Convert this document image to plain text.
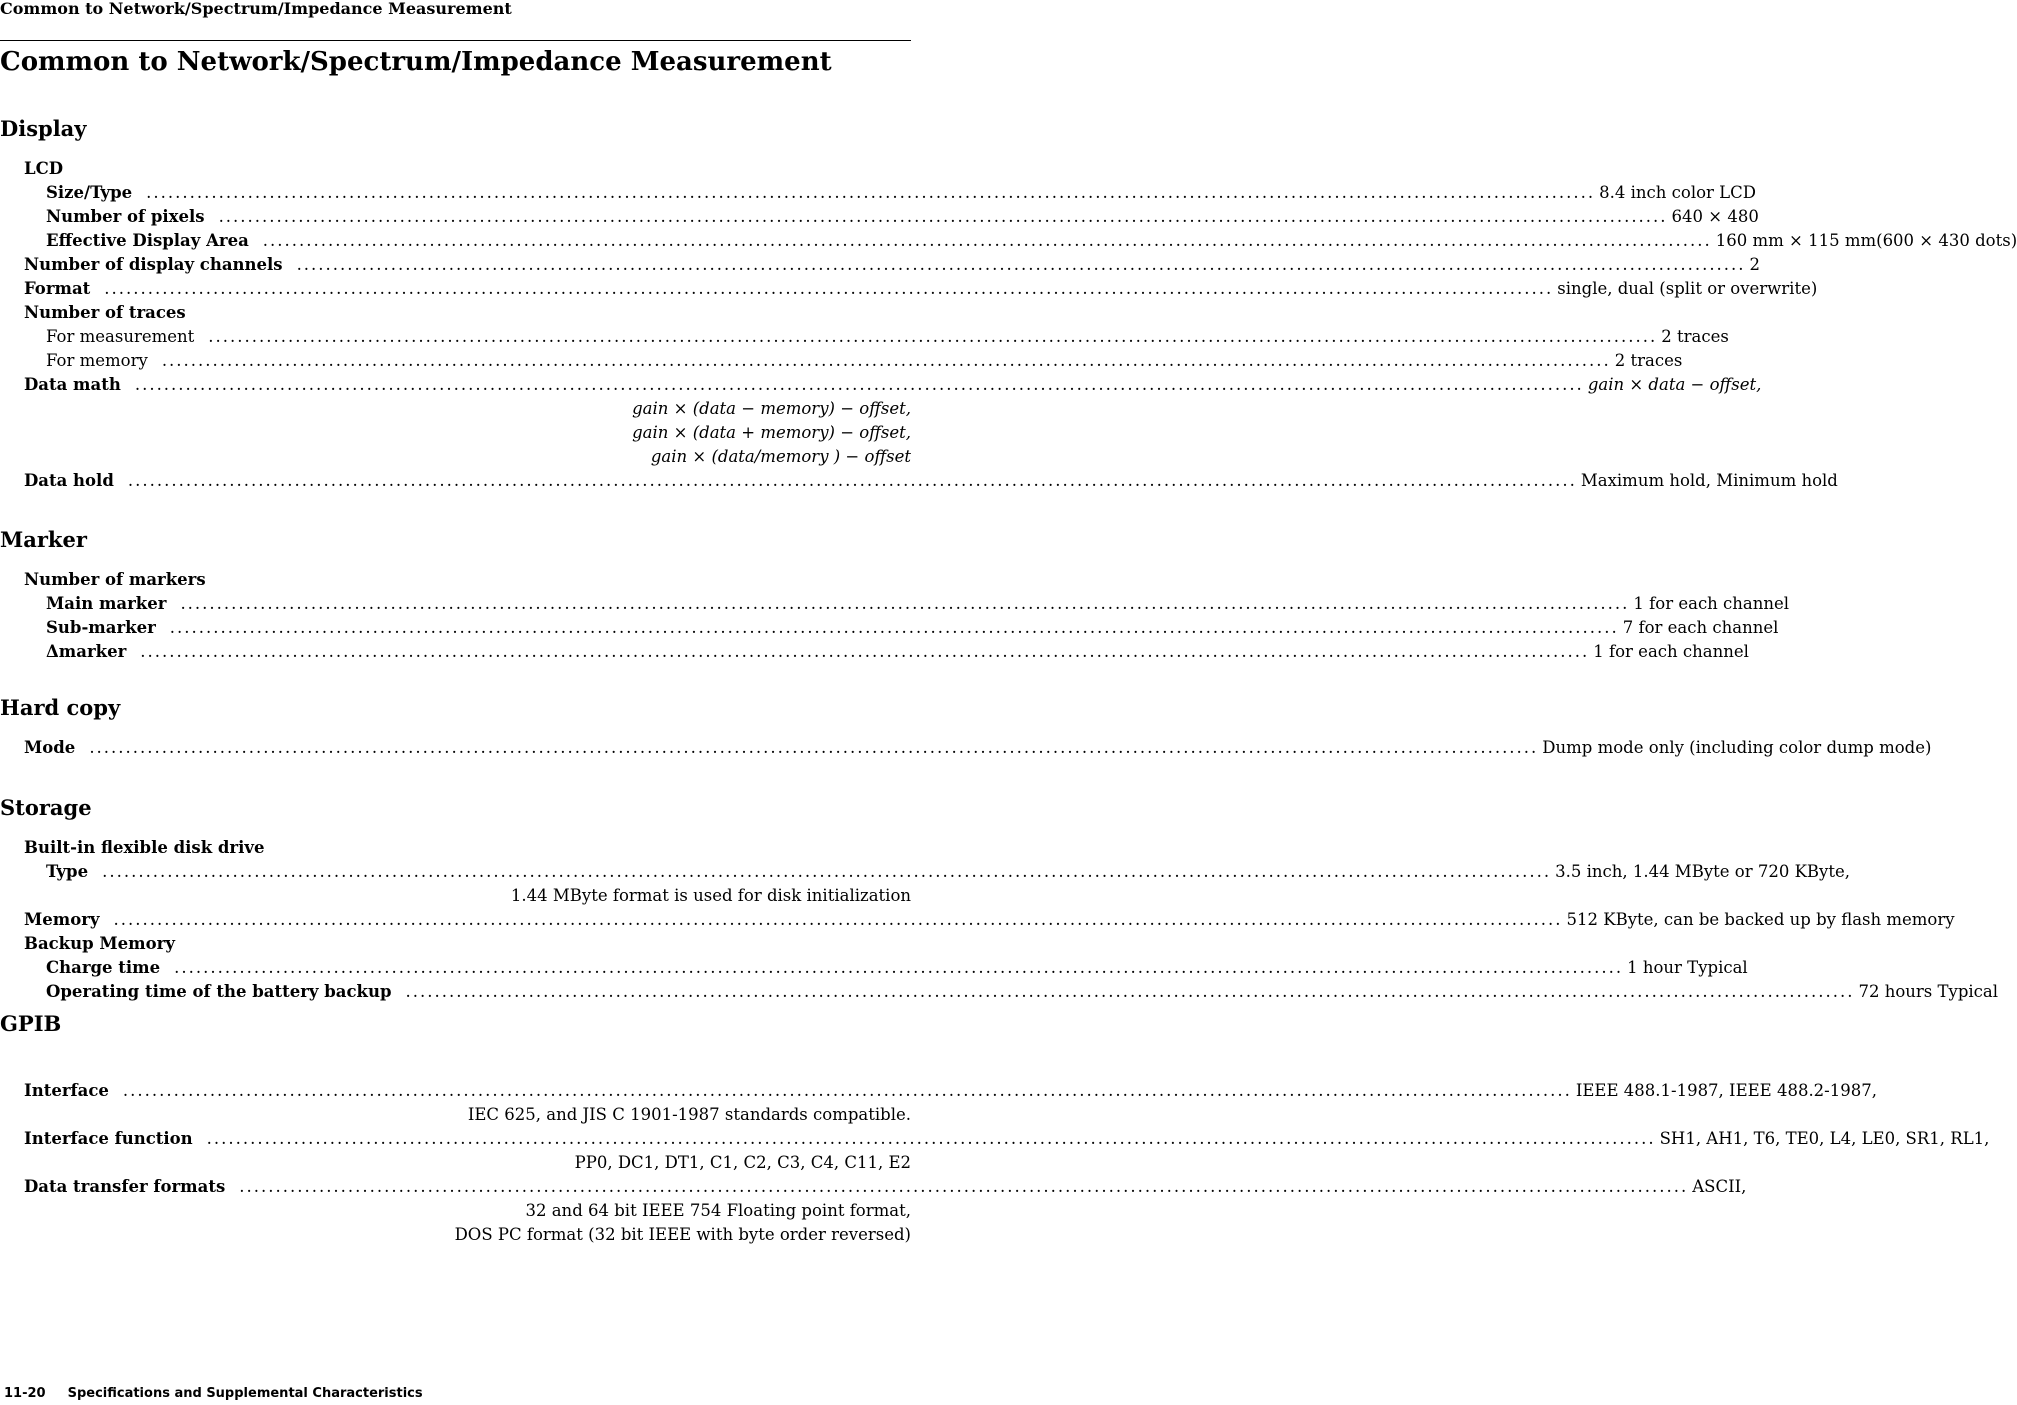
Common to Network/Spectrum/Impedance Measurement
Common to Network/Spectrum/Impedance Measurement
Display
LCD
Size/Type ........................................................................................................................................................................................................ 8.4 inch color LCD
Number of pixels ........................................................................................................................................................................................................ 640 × 480
Effective Display Area ........................................................................................................................................................................................................ 160 mm × 115 mm(600 × 430 dots)
Number of display channels ........................................................................................................................................................................................................ 2
Format ........................................................................................................................................................................................................ single, dual (split or overwrite)
Number of traces
For measurement ........................................................................................................................................................................................................ 2 traces
For memory ........................................................................................................................................................................................................ 2 traces
Data math ........................................................................................................................................................................................................ gain × data − offset,
gain × (data − memory) − offset,
gain × (data + memory) − offset,
gain × (data/memory ) − offset
Data hold ........................................................................................................................................................................................................ Maximum hold, Minimum hold
Marker
Number of markers
Main marker ........................................................................................................................................................................................................ 1 for each channel
Sub-marker ........................................................................................................................................................................................................ 7 for each channel
Δmarker ........................................................................................................................................................................................................ 1 for each channel
Hard copy
Mode ........................................................................................................................................................................................................ Dump mode only (including color dump mode)
Storage
Built-in flexible disk drive
Type ........................................................................................................................................................................................................ 3.5 inch, 1.44 MByte or 720 KByte,
1.44 MByte format is used for disk initialization
Memory ........................................................................................................................................................................................................ 512 KByte, can be backed up by flash memory
Backup Memory
Charge time ........................................................................................................................................................................................................ 1 hour Typical
Operating time of the battery backup ........................................................................................................................................................................................................ 72 hours Typical
GPIB
Interface ........................................................................................................................................................................................................ IEEE 488.1-1987, IEEE 488.2-1987,
IEC 625, and JIS C 1901-1987 standards compatible.
Interface function ........................................................................................................................................................................................................ SH1, AH1, T6, TE0, L4, LE0, SR1, RL1,
PP0, DC1, DT1, C1, C2, C3, C4, C11, E2
Data transfer formats ........................................................................................................................................................................................................ ASCII,
32 and 64 bit IEEE 754 Floating point format,
DOS PC format (32 bit IEEE with byte order reversed)
11-20 Specifications and Supplemental Characteristics
